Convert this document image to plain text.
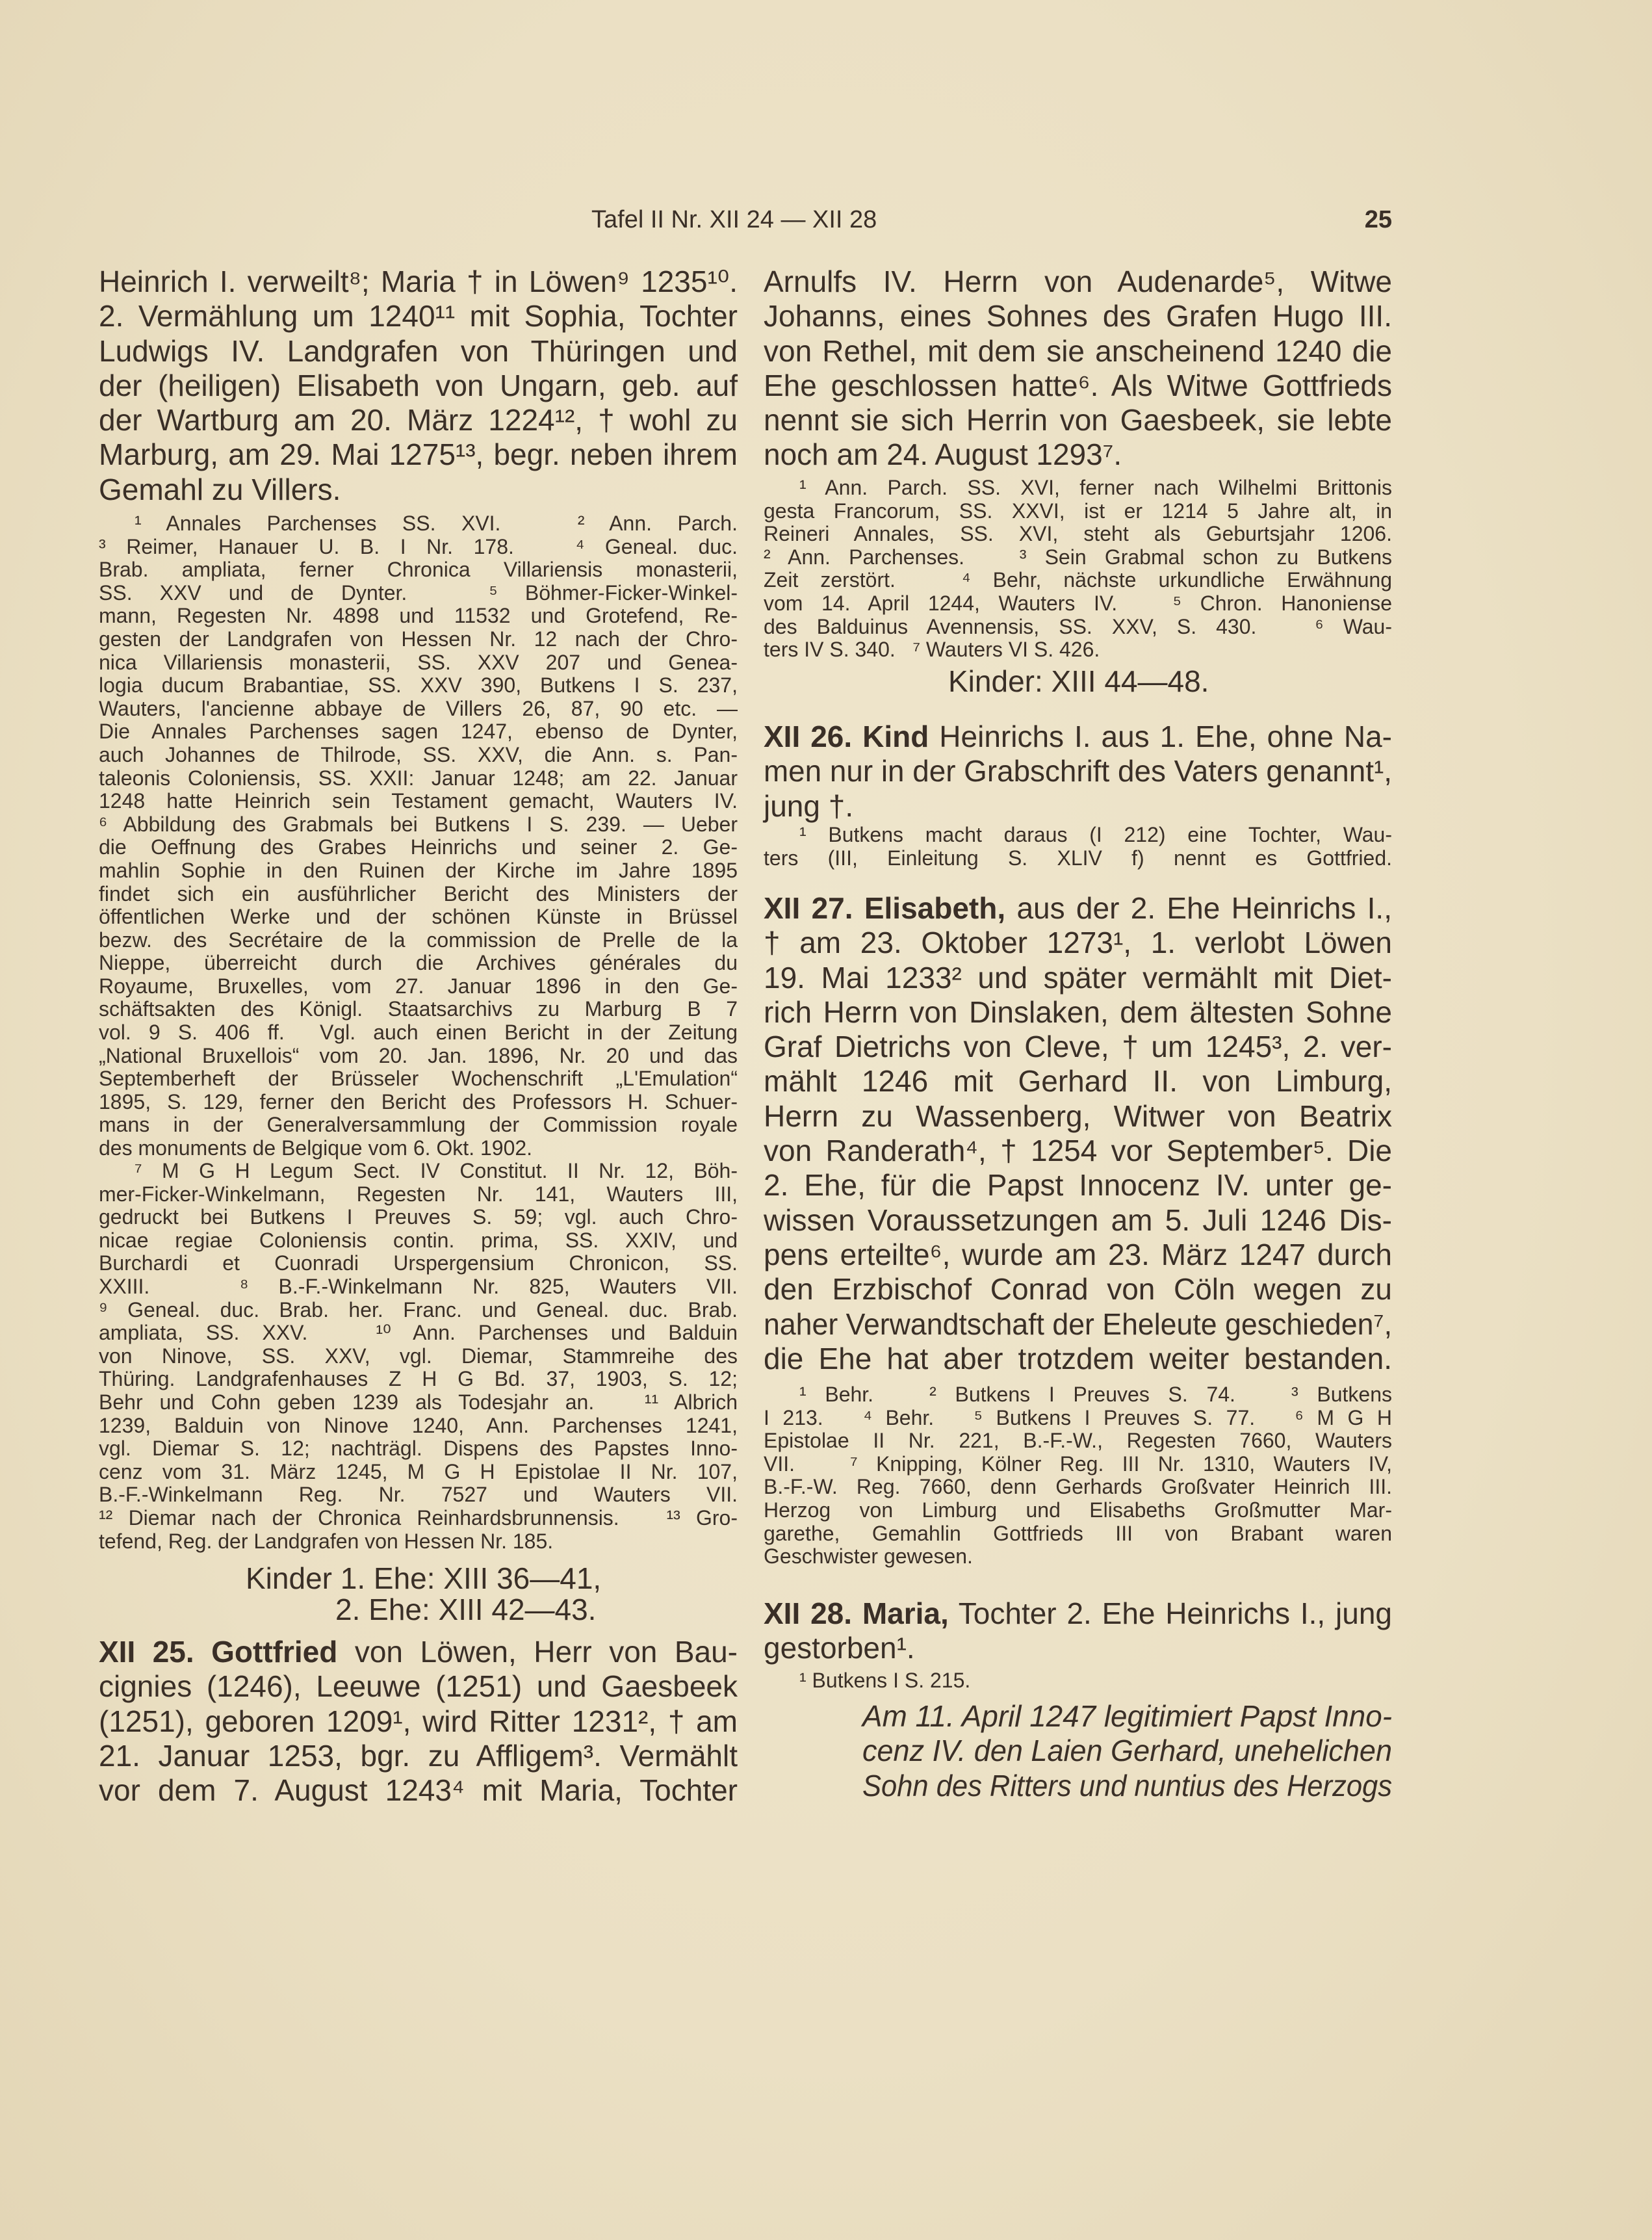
Tafel II Nr. XII 24 — XII 28	25
Heinrich I. verweilt⁸; Maria † in Löwen⁹ 1235¹⁰.
2. Vermählung um 1240¹¹ mit Sophia, Tochter
Ludwigs IV. Landgrafen von Thüringen und
der (heiligen) Elisabeth von Ungarn, geb. auf
der Wartburg am 20. März 1224¹², † wohl zu
Marburg, am 29. Mai 1275¹³, begr. neben ihrem
Gemahl zu Villers.
¹ Annales Parchenses SS. XVI.   ² Ann. Parch.
³ Reimer, Hanauer U. B. I Nr. 178.   ⁴ Geneal. duc.
Brab. ampliata, ferner Chronica Villariensis monasterii,
SS. XXV und de Dynter.   ⁵ Böhmer-Ficker-Winkel-
mann, Regesten Nr. 4898 und 11532 und Grotefend, Re-
gesten der Landgrafen von Hessen Nr. 12 nach der Chro-
nica Villariensis monasterii, SS. XXV 207 und Genea-
logia ducum Brabantiae, SS. XXV 390, Butkens I S. 237,
Wauters, l'ancienne abbaye de Villers 26, 87, 90 etc. —
Die Annales Parchenses sagen 1247, ebenso de Dynter,
auch Johannes de Thilrode, SS. XXV, die Ann. s. Pan-
taleonis Coloniensis, SS. XXII: Januar 1248; am 22. Januar
1248 hatte Heinrich sein Testament gemacht, Wauters IV.
⁶ Abbildung des Grabmals bei Butkens I S. 239. — Ueber
die Oeffnung des Grabes Heinrichs und seiner 2. Ge-
mahlin Sophie in den Ruinen der Kirche im Jahre 1895
findet sich ein ausführlicher Bericht des Ministers der
öffentlichen Werke und der schönen Künste in Brüssel
bezw. des Secrétaire de la commission de Prelle de la
Nieppe, überreicht durch die Archives générales du
Royaume, Bruxelles, vom 27. Januar 1896 in den Ge-
schäftsakten des Königl. Staatsarchivs zu Marburg B 7
vol. 9 S. 406 ff.  Vgl. auch einen Bericht in der Zeitung
„National Bruxellois“ vom 20. Jan. 1896, Nr. 20 und das
Septemberheft der Brüsseler Wochenschrift „L'Emulation“
1895, S. 129, ferner den Bericht des Professors H. Schuer-
mans in der Generalversammlung der Commission royale
des monuments de Belgique vom 6. Okt. 1902.
⁷ M G H Legum Sect. IV Constitut. II Nr. 12, Böh-
mer-Ficker-Winkelmann, Regesten Nr. 141, Wauters III,
gedruckt bei Butkens I Preuves S. 59; vgl. auch Chro-
nicae regiae Coloniensis contin. prima, SS. XXIV, und
Burchardi et Cuonradi Urspergensium Chronicon, SS.
XXIII.   ⁸ B.-F.-Winkelmann Nr. 825, Wauters VII.
⁹ Geneal. duc. Brab. her. Franc. und Geneal. duc. Brab.
ampliata, SS. XXV.   ¹⁰ Ann. Parchenses und Balduin
von Ninove, SS. XXV, vgl. Diemar, Stammreihe des
Thüring. Landgrafenhauses Z H G Bd. 37, 1903, S. 12;
Behr und Cohn geben 1239 als Todesjahr an.   ¹¹ Albrich
1239, Balduin von Ninove 1240, Ann. Parchenses 1241,
vgl. Diemar S. 12; nachträgl. Dispens des Papstes Inno-
cenz vom 31. März 1245, M G H Epistolae II Nr. 107,
B.-F.-Winkelmann Reg. Nr. 7527 und Wauters VII.
¹² Diemar nach der Chronica Reinhardsbrunnensis.   ¹³ Gro-
tefend, Reg. der Landgrafen von Hessen Nr. 185.
Kinder 1. Ehe: XIII 36—41,
2. Ehe: XIII 42—43.
XII 25. Gottfried von Löwen, Herr von Bau-
cignies (1246), Leeuwe (1251) und Gaesbeek
(1251), geboren 1209¹, wird Ritter 1231², † am
21. Januar 1253, bgr. zu Affligem³. Vermählt
vor dem 7. August 1243⁴ mit Maria, Tochter
Arnulfs IV. Herrn von Audenarde⁵, Witwe
Johanns, eines Sohnes des Grafen Hugo III.
von Rethel, mit dem sie anscheinend 1240 die
Ehe geschlossen hatte⁶. Als Witwe Gottfrieds
nennt sie sich Herrin von Gaesbeek, sie lebte
noch am 24. August 1293⁷.
¹ Ann. Parch. SS. XVI, ferner nach Wilhelmi Brittonis
gesta Francorum, SS. XXVI, ist er 1214 5 Jahre alt, in
Reineri Annales, SS. XVI, steht als Geburtsjahr 1206.
² Ann. Parchenses.   ³ Sein Grabmal schon zu Butkens
Zeit zerstört.   ⁴ Behr, nächste urkundliche Erwähnung
vom 14. April 1244, Wauters IV.   ⁵ Chron. Hanoniense
des Balduinus Avennensis, SS. XXV, S. 430.   ⁶ Wau-
ters IV S. 340.   ⁷ Wauters VI S. 426.
Kinder: XIII 44—48.
XII 26. Kind Heinrichs I. aus 1. Ehe, ohne Na-
men nur in der Grabschrift des Vaters genannt¹,
jung †.
¹ Butkens macht daraus (I 212) eine Tochter, Wau-
ters (III, Einleitung S. XLIV f) nennt es Gottfried.
XII 27. Elisabeth, aus der 2. Ehe Heinrichs I.,
† am 23. Oktober 1273¹, 1. verlobt Löwen
19. Mai 1233² und später vermählt mit Diet-
rich Herrn von Dinslaken, dem ältesten Sohne
Graf Dietrichs von Cleve, † um 1245³, 2. ver-
mählt 1246 mit Gerhard II. von Limburg,
Herrn zu Wassenberg, Witwer von Beatrix
von Randerath⁴, † 1254 vor September⁵. Die
2. Ehe, für die Papst Innocenz IV. unter ge-
wissen Voraussetzungen am 5. Juli 1246 Dis-
pens erteilte⁶, wurde am 23. März 1247 durch
den Erzbischof Conrad von Cöln wegen zu
naher Verwandtschaft der Eheleute geschieden⁷,
die Ehe hat aber trotzdem weiter bestanden.
¹ Behr.   ² Butkens I Preuves S. 74.   ³ Butkens
I 213.   ⁴ Behr.   ⁵ Butkens I Preuves S. 77.   ⁶ M G H
Epistolae II Nr. 221, B.-F.-W., Regesten 7660, Wauters
VII.   ⁷ Knipping, Kölner Reg. III Nr. 1310, Wauters IV,
B.-F.-W. Reg. 7660, denn Gerhards Großvater Heinrich III.
Herzog von Limburg und Elisabeths Großmutter Mar-
garethe, Gemahlin Gottfrieds III von Brabant waren
Geschwister gewesen.
XII 28. Maria, Tochter 2. Ehe Heinrichs I., jung
gestorben¹.
¹ Butkens I S. 215.
Am 11. April 1247 legitimiert Papst Inno-
cenz IV. den Laien Gerhard, unehelichen
Sohn des Ritters und nuntius des Herzogs
